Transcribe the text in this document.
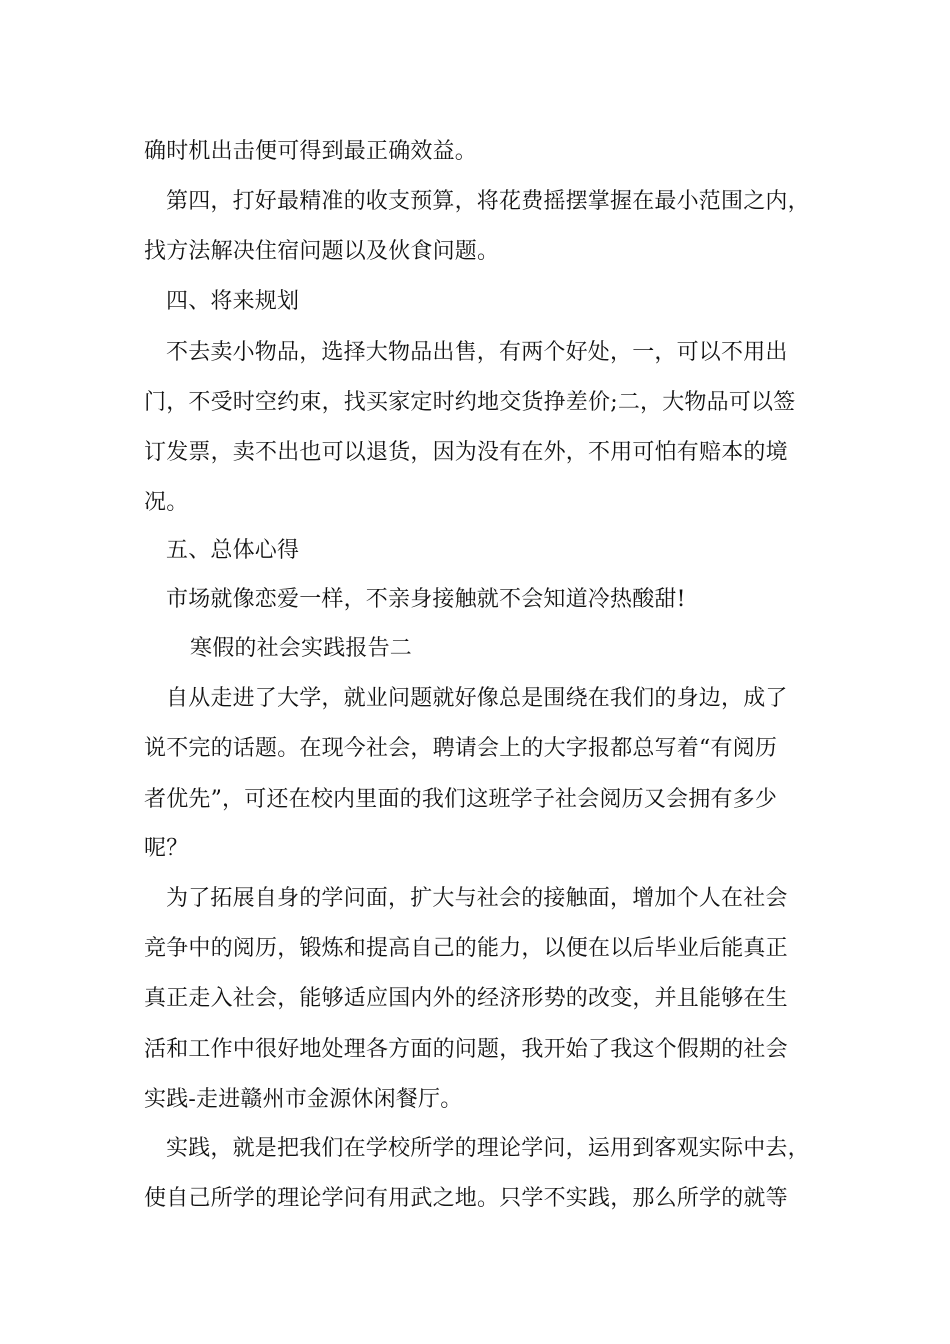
确时机出击便可得到最正确效益。
第四，打好最精准的收支预算，将花费摇摆掌握在最小范围之内，
找方法解决住宿问题以及伙食问题。
四、将来规划
不去卖小物品，选择大物品出售，有两个好处，一，可以不用出
门，不受时空约束，找买家定时约地交货挣差价;二，大物品可以签
订发票，卖不出也可以退货，因为没有在外，不用可怕有赔本的境
况。
五、总体心得
市场就像恋爱一样，不亲身接触就不会知道冷热酸甜!
寒假的社会实践报告二
自从走进了大学，就业问题就好像总是围绕在我们的身边，成了
说不完的话题。在现今社会，聘请会上的大字报都总写着“有阅历
者优先”，可还在校内里面的我们这班学子社会阅历又会拥有多少
呢？
为了拓展自身的学问面，扩大与社会的接触面，增加个人在社会
竞争中的阅历，锻炼和提高自己的能力，以便在以后毕业后能真正
真正走入社会，能够适应国内外的经济形势的改变，并且能够在生
活和工作中很好地处理各方面的问题，我开始了我这个假期的社会
实践-走进赣州市金源休闲餐厅。
实践，就是把我们在学校所学的理论学问，运用到客观实际中去，
使自己所学的理论学问有用武之地。只学不实践，那么所学的就等
